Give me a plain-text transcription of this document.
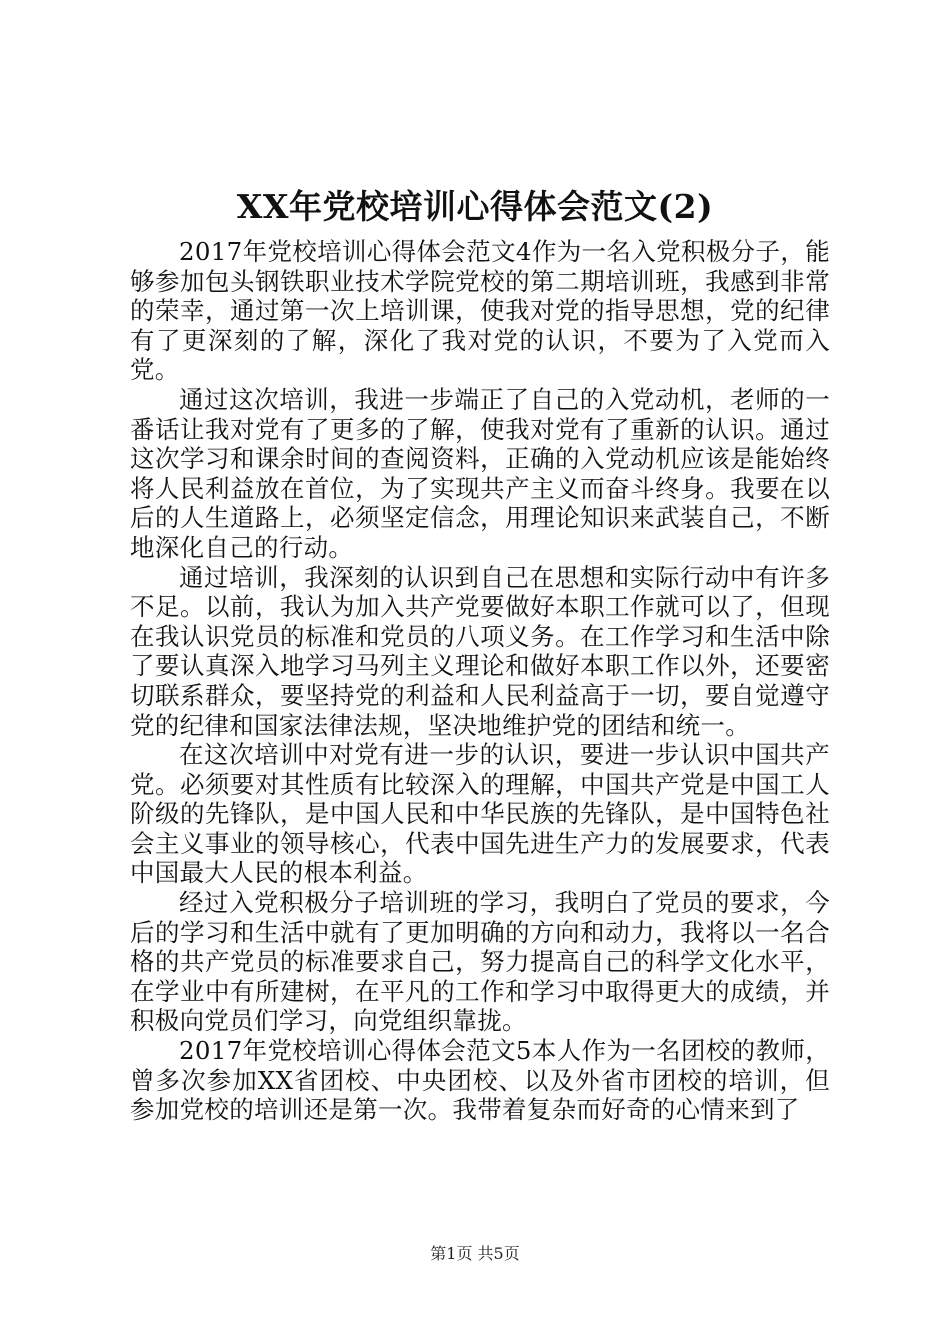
XX年党校培训心得体会范文(2)

2017年党校培训心得体会范文4作为一名入党积极分子，能够参加包头钢铁职业技术学院党校的第二期培训班，我感到非常的荣幸，通过第一次上培训课，使我对党的指导思想，党的纪律有了更深刻的了解，深化了我对党的认识，不要为了入党而入党。

通过这次培训，我进一步端正了自己的入党动机，老师的一番话让我对党有了更多的了解，使我对党有了重新的认识。通过这次学习和课余时间的查阅资料，正确的入党动机应该是能始终将人民利益放在首位，为了实现共产主义而奋斗终身。我要在以后的人生道路上，必须坚定信念，用理论知识来武装自己，不断地深化自己的行动。

通过培训，我深刻的认识到自己在思想和实际行动中有许多不足。以前，我认为加入共产党要做好本职工作就可以了，但现在我认识党员的标准和党员的八项义务。在工作学习和生活中除了要认真深入地学习马列主义理论和做好本职工作以外，还要密切联系群众，要坚持党的利益和人民利益高于一切，要自觉遵守党的纪律和国家法律法规，坚决地维护党的团结和统一。

在这次培训中对党有进一步的认识，要进一步认识中国共产党。必须要对其性质有比较深入的理解，中国共产党是中国工人阶级的先锋队，是中国人民和中华民族的先锋队，是中国特色社会主义事业的领导核心，代表中国先进生产力的发展要求，代表中国最大人民的根本利益。

经过入党积极分子培训班的学习，我明白了党员的要求，今后的学习和生活中就有了更加明确的方向和动力，我将以一名合格的共产党员的标准要求自己，努力提高自己的科学文化水平，在学业中有所建树，在平凡的工作和学习中取得更大的成绩，并积极向党员们学习，向党组织靠拢。

2017年党校培训心得体会范文5本人作为一名团校的教师，曾多次参加XX省团校、中央团校、以及外省市团校的培训，但参加党校的培训还是第一次。我带着复杂而好奇的心情来到了

第1页 共5页
